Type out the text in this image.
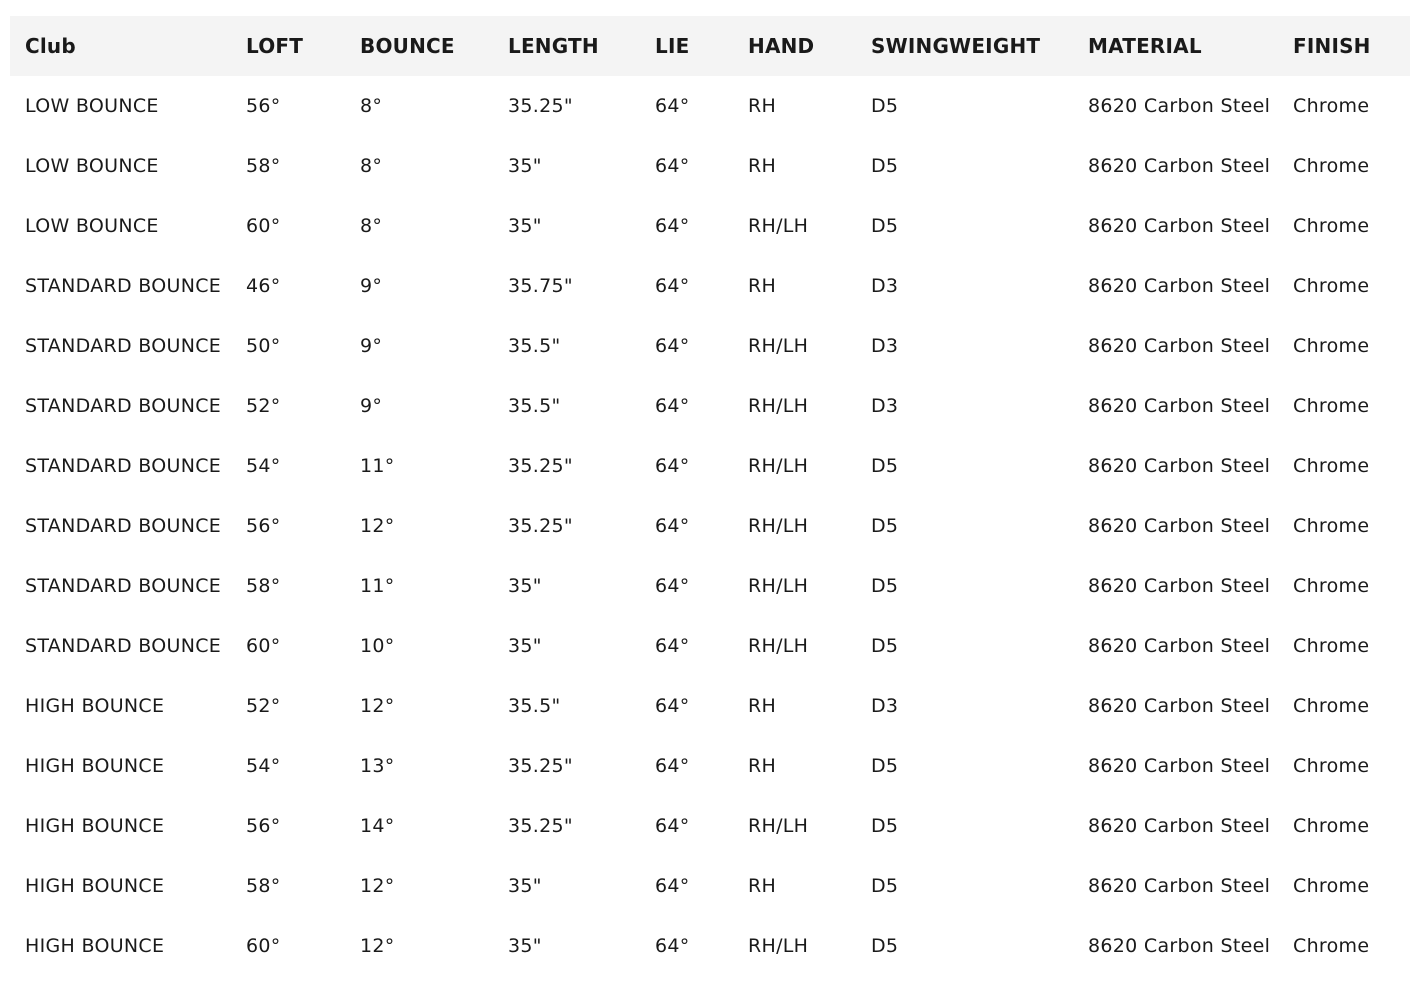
Club	LOFT	BOUNCE	LENGTH	LIE	HAND	SWINGWEIGHT	MATERIAL	FINISH
LOW BOUNCE	56°	8°	35.25"	64°	RH	D5	8620 Carbon Steel	Chrome
LOW BOUNCE	58°	8°	35"	64°	RH	D5	8620 Carbon Steel	Chrome
LOW BOUNCE	60°	8°	35"	64°	RH/LH	D5	8620 Carbon Steel	Chrome
STANDARD BOUNCE	46°	9°	35.75"	64°	RH	D3	8620 Carbon Steel	Chrome
STANDARD BOUNCE	50°	9°	35.5"	64°	RH/LH	D3	8620 Carbon Steel	Chrome
STANDARD BOUNCE	52°	9°	35.5"	64°	RH/LH	D3	8620 Carbon Steel	Chrome
STANDARD BOUNCE	54°	11°	35.25"	64°	RH/LH	D5	8620 Carbon Steel	Chrome
STANDARD BOUNCE	56°	12°	35.25"	64°	RH/LH	D5	8620 Carbon Steel	Chrome
STANDARD BOUNCE	58°	11°	35"	64°	RH/LH	D5	8620 Carbon Steel	Chrome
STANDARD BOUNCE	60°	10°	35"	64°	RH/LH	D5	8620 Carbon Steel	Chrome
HIGH BOUNCE	52°	12°	35.5"	64°	RH	D3	8620 Carbon Steel	Chrome
HIGH BOUNCE	54°	13°	35.25"	64°	RH	D5	8620 Carbon Steel	Chrome
HIGH BOUNCE	56°	14°	35.25"	64°	RH/LH	D5	8620 Carbon Steel	Chrome
HIGH BOUNCE	58°	12°	35"	64°	RH	D5	8620 Carbon Steel	Chrome
HIGH BOUNCE	60°	12°	35"	64°	RH/LH	D5	8620 Carbon Steel	Chrome
